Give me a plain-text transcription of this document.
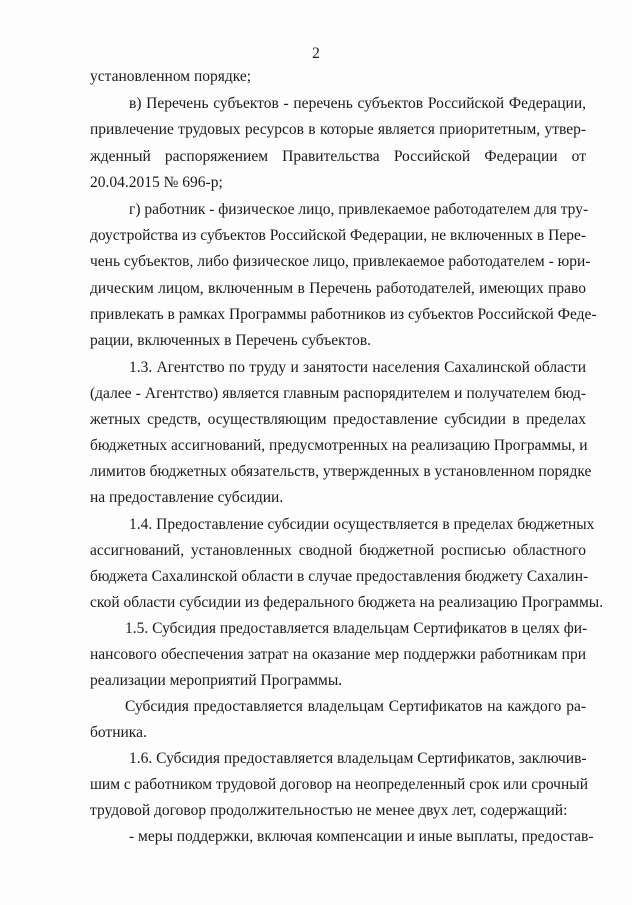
2
установленном порядке;
в) Перечень субъектов - перечень субъектов Российской Федерации,
привлечение трудовых ресурсов в которые является приоритетным, утвер-
жденный распоряжением Правительства Российской Федерации от
20.04.2015 № 696-р;
г) работник - физическое лицо, привлекаемое работодателем для тру-
доустройства из субъектов Российской Федерации, не включенных в Пере-
чень субъектов, либо физическое лицо, привлекаемое работодателем - юри-
дическим лицом, включенным в Перечень работодателей, имеющих право
привлекать в рамках Программы работников из субъектов Российской Феде-
рации, включенных в Перечень субъектов.
1.3. Агентство по труду и занятости населения Сахалинской области
(далее - Агентство) является главным распорядителем и получателем бюд-
жетных средств, осуществляющим предоставление субсидии в пределах
бюджетных ассигнований, предусмотренных на реализацию Программы, и
лимитов бюджетных обязательств, утвержденных в установленном порядке
на предоставление субсидии.
1.4. Предоставление субсидии осуществляется в пределах бюджетных
ассигнований, установленных сводной бюджетной росписью областного
бюджета Сахалинской области в случае предоставления бюджету Сахалин-
ской области субсидии из федерального бюджета на реализацию Программы.
1.5. Субсидия предоставляется владельцам Сертификатов в целях фи-
нансового обеспечения затрат на оказание мер поддержки работникам при
реализации мероприятий Программы.
Субсидия предоставляется владельцам Сертификатов на каждого ра-
ботника.
1.6. Субсидия предоставляется владельцам Сертификатов, заключив-
шим с работником трудовой договор на неопределенный срок или срочный
трудовой договор продолжительностью не менее двух лет, содержащий:
- меры поддержки, включая компенсации и иные выплаты, предостав-
